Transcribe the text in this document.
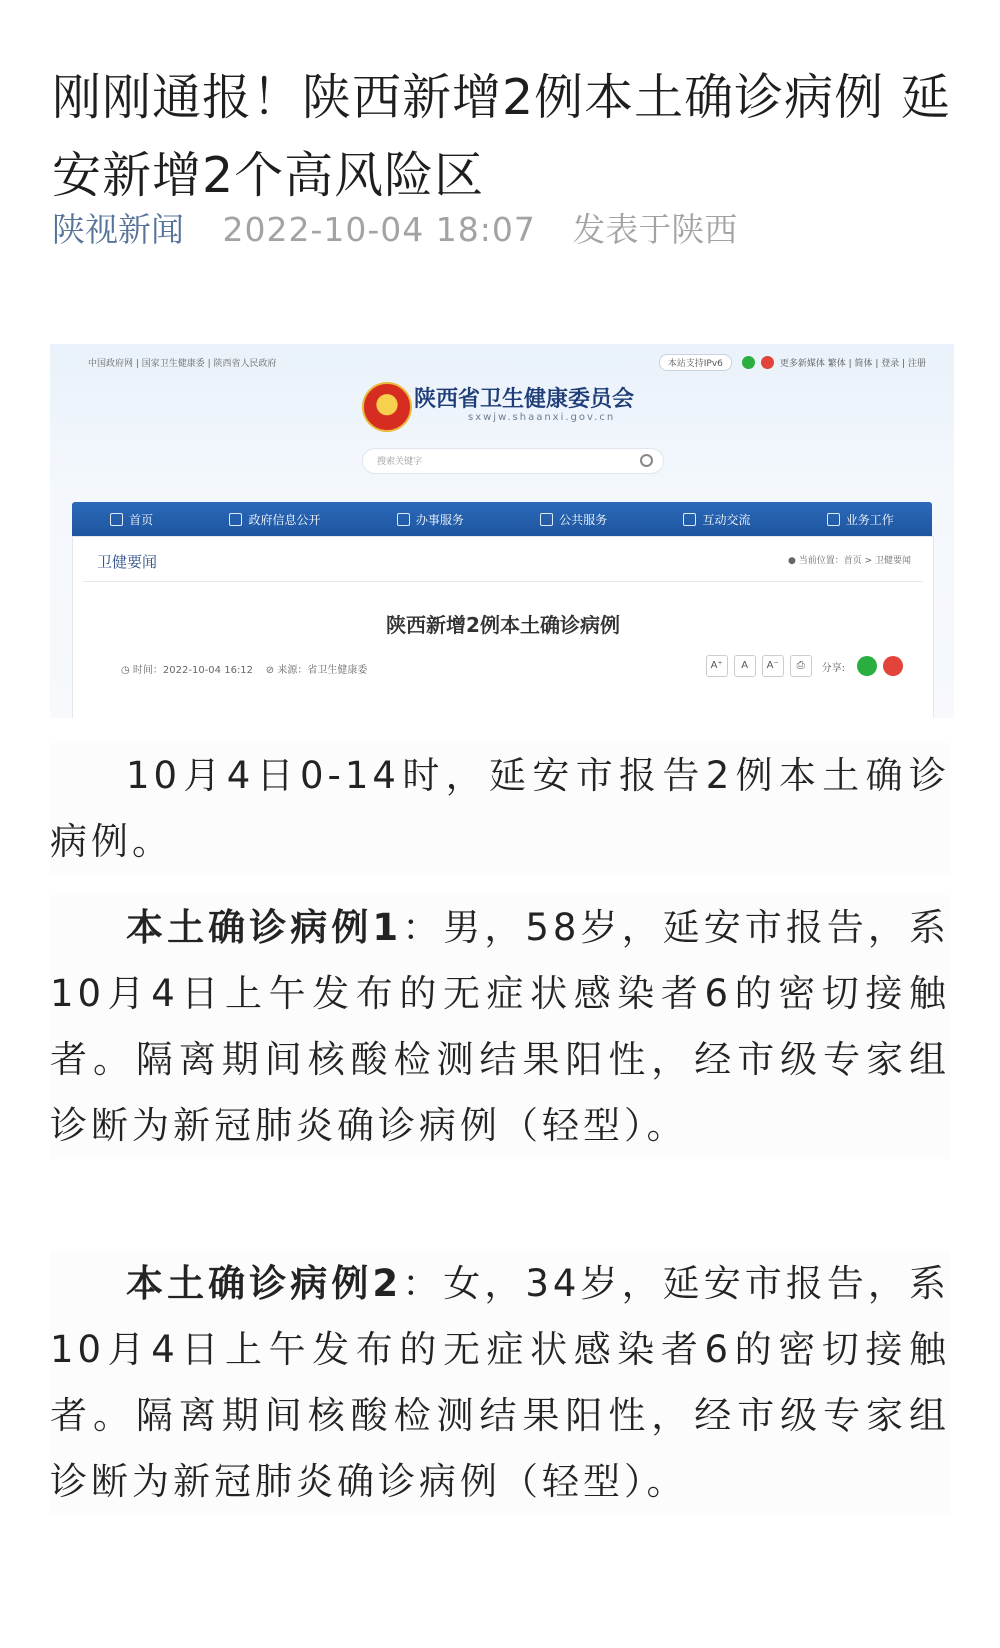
刚刚通报！陕西新增2例本土确诊病例 延安新增2个高风险区
陕视新闻 2022-10-04 18:07 发表于陕西
中国政府网 | 国家卫生健康委 | 陕西省人民政府	本站支持IPv6	更多新媒体 繁体 | 简体 | 登录 | 注册
陕西省卫生健康委员会
sxwjw.shaanxi.gov.cn
搜索关键字
首页	政府信息公开	办事服务	公共服务	互动交流	业务工作
卫健要闻	● 当前位置：首页 > 卫健要闻
陕西新增2例本土确诊病例
◷ 时间：2022-10-04 16:12 ⊘ 来源：省卫生健康委	A⁺	A	A⁻	⎙	分享:

10月4日0-14时，延安市报告2例本土确诊病例。

本土确诊病例1：男，58岁，延安市报告，系10月4日上午发布的无症状感染者6的密切接触者。隔离期间核酸检测结果阳性，经市级专家组诊断为新冠肺炎确诊病例（轻型）。

本土确诊病例2：女，34岁，延安市报告，系10月4日上午发布的无症状感染者6的密切接触者。隔离期间核酸检测结果阳性，经市级专家组诊断为新冠肺炎确诊病例（轻型）。
